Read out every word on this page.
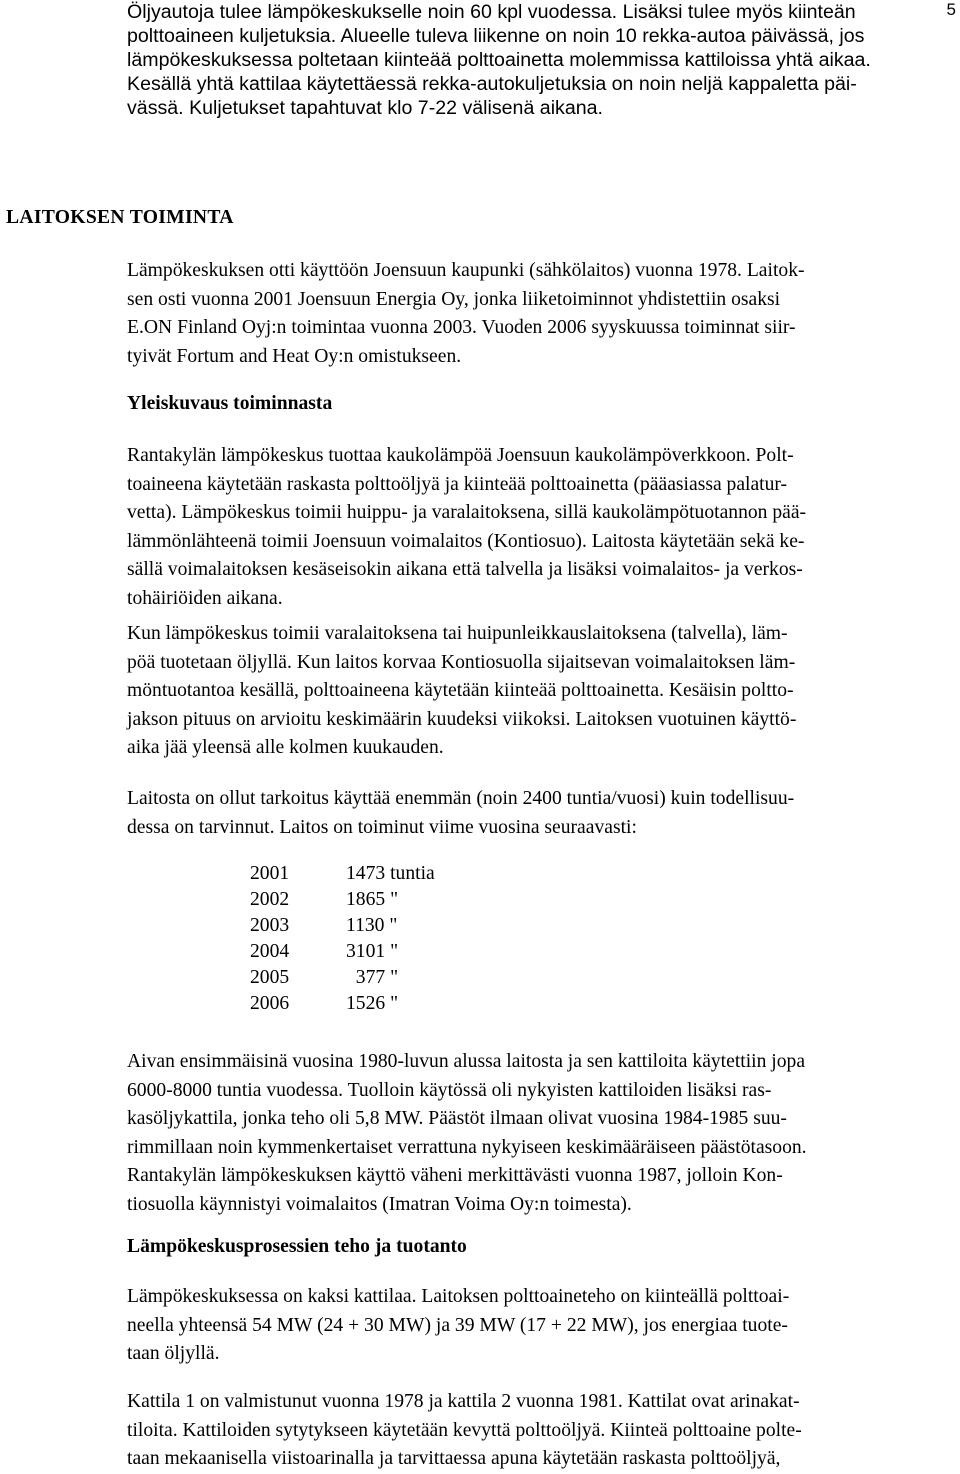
5

Öljyautoja tulee lämpökeskukselle noin 60 kpl vuodessa. Lisäksi tulee myös kiinteän
polttoaineen kuljetuksia. Alueelle tuleva liikenne on noin 10 rekka-autoa päivässä, jos
lämpökeskuksessa poltetaan kiinteää polttoainetta molemmissa kattiloissa yhtä aikaa.
Kesällä yhtä kattilaa käytettäessä rekka-autokuljetuksia on noin neljä kappaletta päi-
vässä. Kuljetukset tapahtuvat klo 7-22 välisenä aikana.

LAITOKSEN TOIMINTA

Lämpökeskuksen otti käyttöön Joensuun kaupunki (sähkölaitos) vuonna 1978. Laitok-
sen osti vuonna 2001 Joensuun Energia Oy, jonka liiketoiminnot yhdistettiin osaksi
E.ON Finland Oyj:n toimintaa vuonna 2003. Vuoden 2006 syyskuussa toiminnat siir-
tyivät Fortum and Heat Oy:n omistukseen.

Yleiskuvaus toiminnasta

Rantakylän lämpökeskus tuottaa kaukolämpöä Joensuun kaukolämpöverkkoon. Polt-
toaineena käytetään raskasta polttoöljyä ja kiinteää polttoainetta (pääasiassa palatur-
vetta). Lämpökeskus toimii huippu- ja varalaitoksena, sillä kaukolämpötuotannon pää-
lämmönlähteenä toimii Joensuun voimalaitos (Kontiosuo). Laitosta käytetään sekä ke-
sällä voimalaitoksen kesäseisokin aikana että talvella ja lisäksi voimalaitos- ja verkos-
tohäiriöiden aikana.

Kun lämpökeskus toimii varalaitoksena tai huipunleikkauslaitoksena (talvella), läm-
pöä tuotetaan öljyllä. Kun laitos korvaa Kontiosuolla sijaitsevan voimalaitoksen läm-
möntuotantoa kesällä, polttoaineena käytetään kiinteää polttoainetta. Kesäisin poltto-
jakson pituus on arvioitu keskimäärin kuudeksi viikoksi. Laitoksen vuotuinen käyttö-
aika jää yleensä alle kolmen kuukauden.

Laitosta on ollut tarkoitus käyttää enemmän (noin 2400 tuntia/vuosi) kuin todellisuu-
dessa on tarvinnut. Laitos on toiminut viime vuosina seuraavasti:

2001	1473 tuntia
2002	1865 "
2003	1130 "
2004	3101 "
2005	377 "
2006	1526 "

Aivan ensimmäisinä vuosina 1980-luvun alussa laitosta ja sen kattiloita käytettiin jopa
6000-8000 tuntia vuodessa. Tuolloin käytössä oli nykyisten kattiloiden lisäksi ras-
kasöljykattila, jonka teho oli 5,8 MW. Päästöt ilmaan olivat vuosina 1984-1985 suu-
rimmillaan noin kymmenkertaiset verrattuna nykyiseen keskimääräiseen päästötasoon.
Rantakylän lämpökeskuksen käyttö väheni merkittävästi vuonna 1987, jolloin Kon-
tiosuolla käynnistyi voimalaitos (Imatran Voima Oy:n toimesta).

Lämpökeskusprosessien teho ja tuotanto

Lämpökeskuksessa on kaksi kattilaa. Laitoksen polttoaineteho on kiinteällä polttoai-
neella yhteensä 54 MW (24 + 30 MW) ja 39 MW (17 + 22 MW), jos energiaa tuote-
taan öljyllä.

Kattila 1 on valmistunut vuonna 1978 ja kattila 2 vuonna 1981. Kattilat ovat arinakat-
tiloita. Kattiloiden sytytykseen käytetään kevyttä polttoöljyä. Kiinteä polttoaine polte-
taan mekaanisella viistoarinalla ja tarvittaessa apuna käytetään raskasta polttoöljyä,
